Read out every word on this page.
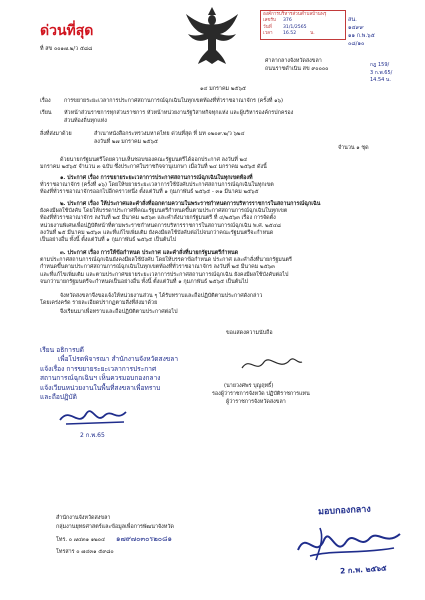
ด่วนที่สุด
ที่ สข ๐๐๑๗.๒/ว ๕๘๘
องค์การบริหารส่วนตำบลบ้านพรุ
เลขรับ	376
วันที่	31/1/2565
เวลา	16.52	น.
สน.
๑๔๙๙
๑๑ ก.พ.๖๕
๐๘/๑๐
ศาลากลางจังหวัดสงขลา
ถนนราชดำเนิน สข ๙๐๐๐๐
กฎ 159/
3 ก.พ.65/
14.54 น.
๑๔ มกราคม ๒๕๖๕
เรื่อง การขยายระยะเวลาการประกาศสถานการณ์ฉุกเฉินในทุกเขตท้องที่ทั่วราชอาณาจักร (ครั้งที่ ๑๖)
เรียน หัวหน้าส่วนราชการทุกส่วนราชการ หัวหน้าหน่วยงานรัฐวิสาหกิจทุกแห่ง และผู้บริหารองค์กรปกครอง
ส่วนท้องถิ่นทุกแห่ง
สิ่งที่ส่งมาด้วย	สำเนาหนังสือกระทรวงมหาดไทย ด่วนที่สุด ที่ มท ๐๒๐๙.๒/ว ๖๒๔
ลงวันที่ ๒๗ มกราคม ๒๕๖๕
จำนวน ๑ ชุด
ด้วยนายกรัฐมนตรีโดยความเห็นชอบของคณะรัฐมนตรีได้ออกประกาศ ลงวันที่ ๒๔
มกราคม ๒๕๖๕ จำนวน ๓ ฉบับ ซึ่งประกาศในราชกิจจานุเบกษา เมื่อวันที่ ๒๔ มกราคม ๒๕๖๕ ดังนี้
๑. ประกาศ เรื่อง การขยายระยะเวลาการประกาศสถานการณ์ฉุกเฉินในทุกเขตท้องที่
ทั่วราชอาณาจักร (ครั้งที่ ๑๖) โดยให้ขยายระยะเวลาการใช้บังคับประกาศสถานการณ์ฉุกเฉินในทุกเขต
ท้องที่ทั่วราชอาณาจักรออกไปอีกคราวหนึ่ง ตั้งแต่วันที่ ๑ กุมภาพันธ์ ๒๕๖๕ - ๓๑ มีนาคม ๒๕๖๕
๒. ประกาศ เรื่อง ให้ประกาศและคำสั่งที่ออกตามความในพระราชกำหนดการบริหารราชการในสถานการณ์ฉุกเฉิน
ยังคงมีผลใช้บังคับ โดยให้บรรดาประกาศที่คณะรัฐมนตรีกำหนดขึ้นตามประกาศสถานการณ์ฉุกเฉินในทุกเขต
ท้องที่ทั่วราชอาณาจักร ลงวันที่ ๒๕ มีนาคม ๒๕๖๓ และคำสั่งนายกรัฐมนตรี ที่ ๔/๒๕๖๓ เรื่อง การจัดตั้ง
หน่วยงานพิเศษเพื่อปฏิบัติหน้าที่ตามพระราชกำหนดการบริหารราชการในสถานการณ์ฉุกเฉิน พ.ศ. ๒๕๔๘
ลงวันที่ ๒๕ มีนาคม ๒๕๖๓ และที่แก้ไขเพิ่มเติม ยังคงมีผลใช้บังคับต่อไปจนกว่าคณะรัฐมนตรีจะกำหนด
เป็นอย่างอื่น ทั้งนี้ ตั้งแต่วันที่ ๑ กุมภาพันธ์ ๒๕๖๕ เป็นต้นไป
๓. ประกาศ เรื่อง การให้ข้อกำหนด ประกาศ และคำสั่งที่นายกรัฐมนตรีกำหนด
ตามประกาศสถานการณ์ฉุกเฉินยังคงมีผลใช้บังคับ โดยให้บรรดาข้อกำหนด ประกาศ และคำสั่งที่นายกรัฐมนตรี
กำหนดขึ้นตามประกาศสถานการณ์ฉุกเฉินในทุกเขตท้องที่ทั่วราชอาณาจักร ลงวันที่ ๒๕ มีนาคม ๒๕๖๓
และที่แก้ไขเพิ่มเติม และตามประกาศขยายระยะเวลาการประกาศสถานการณ์ฉุกเฉิน ยังคงมีผลใช้บังคับต่อไป
จนกว่านายกรัฐมนตรีจะกำหนดเป็นอย่างอื่น ทั้งนี้ ตั้งแต่วันที่ ๑ กุมภาพันธ์ ๒๕๖๕ เป็นต้นไป
จังหวัดสงขลาจึงขอแจ้งให้หน่วยงานส่วน ๆ ได้รับทราบและถือปฏิบัติตามประกาศดังกล่าว
โดยเคร่งครัด รายละเอียดปรากฏตามสิ่งที่ส่งมาด้วย
จึงเรียนมาเพื่อทราบและถือปฏิบัติตามประกาศต่อไป
เรียน อธิการบดี
เพื่อโปรดพิจารณา สำนักงานจังหวัดสงขลา
แจ้งเรื่อง การขยายระยะเวลาการประกาศ
สถานการณ์ฉุกเฉินฯ เห็นควรมอบกองกลาง
แจ้งเวียนหน่วยงานในพื้นที่สงขลาเพื่อทราบ
และถือปฏิบัติ
2 ก.พ.65
ขอแสดงความนับถือ
(นายวงศพร บุญฤทธิ์)
รองผู้ว่าราชการจังหวัด ปฏิบัติราชการแทน
ผู้ว่าราชการจังหวัดสงขลา
มอบกองกลาง
2 ก.พ. ๒๕๖๕
สำนักงานจังหวัดสงขลา
กลุ่มงานยุทธศาสตร์และข้อมูลเพื่อการพัฒนาจังหวัด
โทร. ๐ ๗๔๓๑ ๑๒๐๔ ๑๗๙๗๐๓๐ร๒๐๘๑
โทรสาร ๐ ๗๔๓๑ ๕๙๘๐
